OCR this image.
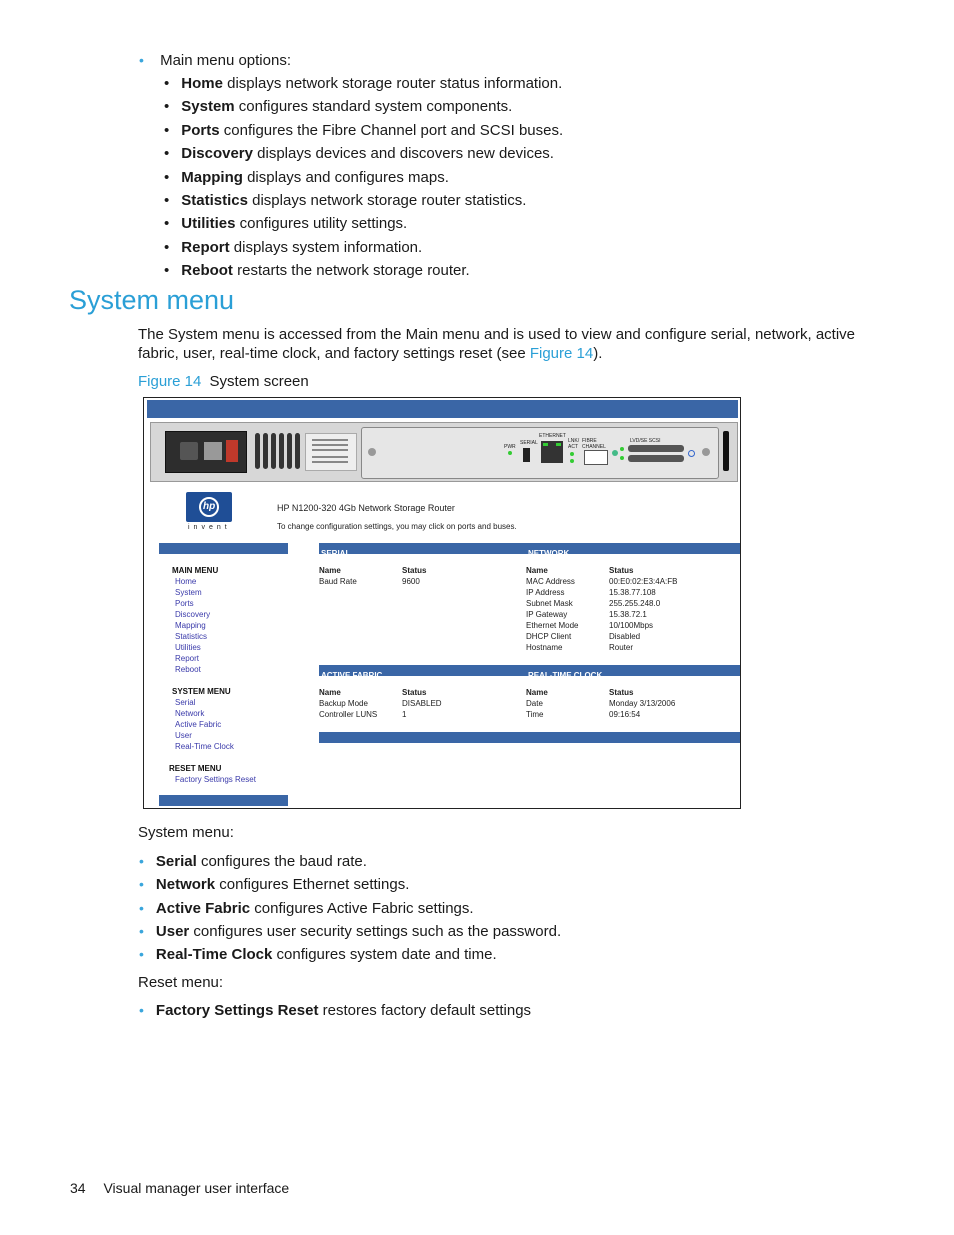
• Main menu options:
• Home displays network storage router status information.
• System configures standard system components.
• Ports configures the Fibre Channel port and SCSI buses.
• Discovery displays devices and discovers new devices.
• Mapping displays and configures maps.
• Statistics displays network storage router statistics.
• Utilities configures utility settings.
• Report displays system information.
• Reboot restarts the network storage router.
System menu
The System menu is accessed from the Main menu and is used to view and configure serial, network, active
fabric, user, real-time clock, and factory settings reset (see Figure 14).
Figure 14 System screen
PWR
SERIAL
ETHERNET
LNK/ ACT
FIBRE CHANNEL
LVD/SE SCSI
hp
invent
HP N1200-320 4Gb Network Storage Router
To change configuration settings, you may click on ports and buses.
MAIN MENU
Home
System
Ports
Discovery
Mapping
Statistics
Utilities
Report
Reboot
SYSTEM MENU
Serial
Network
Active Fabric
User
Real-Time Clock
RESET MENU
Factory Settings Reset
SERIAL
Name	Status
Baud Rate	9600
NETWORK
Name	Status
MAC Address	00:E0:02:E3:4A:FB
IP Address	15.38.77.108
Subnet Mask	255.255.248.0
IP Gateway	15.38.72.1
Ethernet Mode	10/100Mbps
DHCP Client	Disabled
Hostname	Router
ACTIVE FABRIC
Name	Status
Backup Mode	DISABLED
Controller LUNS	1
REAL-TIME CLOCK
Name	Status
Date	Monday 3/13/2006
Time	09:16:54
System menu:
• Serial configures the baud rate.
• Network configures Ethernet settings.
• Active Fabric configures Active Fabric settings.
• User configures user security settings such as the password.
• Real-Time Clock configures system date and time.
Reset menu:
• Factory Settings Reset restores factory default settings
34 Visual manager user interface
